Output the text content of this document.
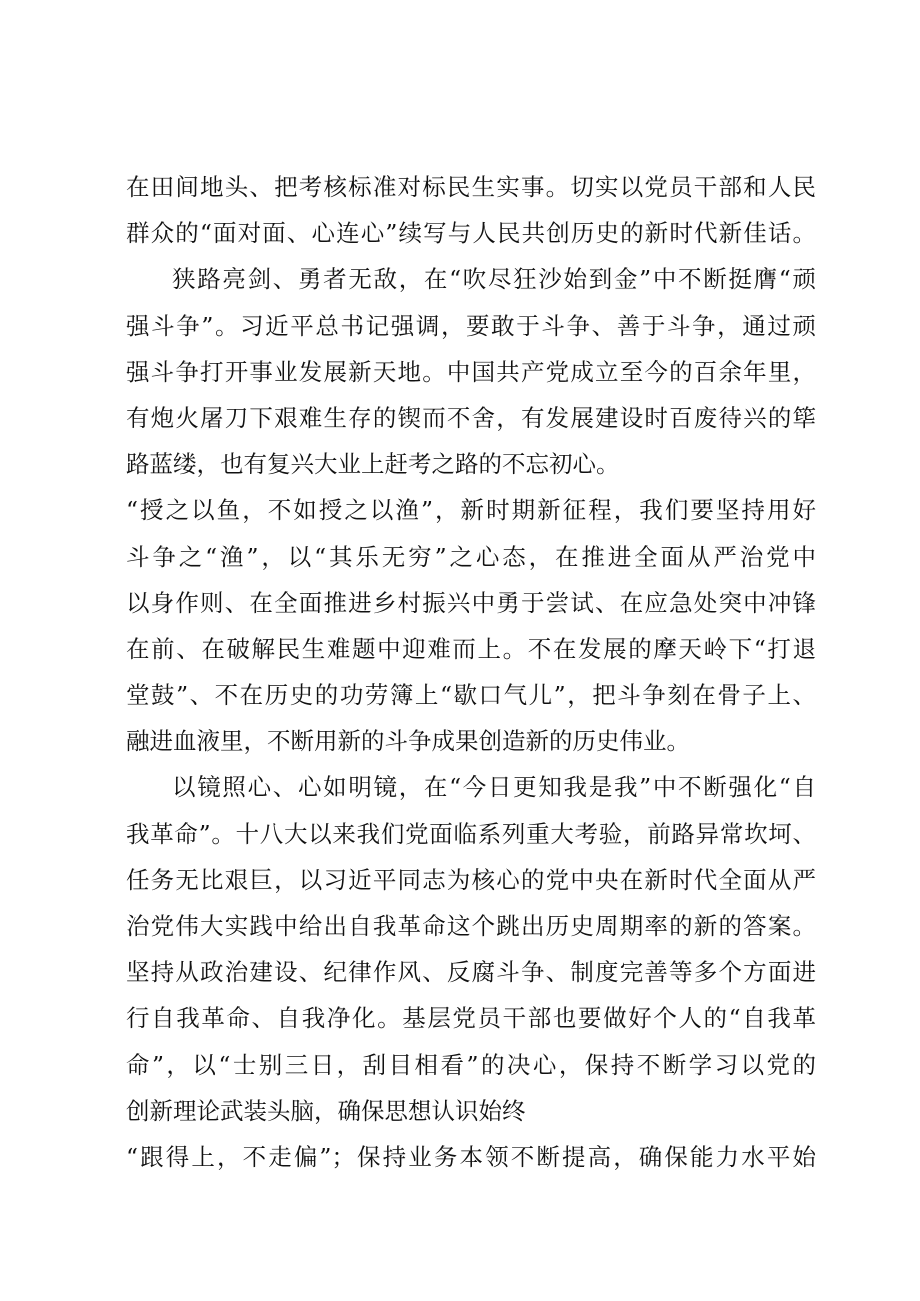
在田间地头、把考核标准对标民生实事。切实以党员干部和人民
群众的“面对面、心连心”续写与人民共创历史的新时代新佳话。
狭路亮剑、勇者无敌，在“吹尽狂沙始到金”中不断挺膺“顽
强斗争”。习近平总书记强调，要敢于斗争、善于斗争，通过顽
强斗争打开事业发展新天地。中国共产党成立至今的百余年里，
有炮火屠刀下艰难生存的锲而不舍，有发展建设时百废待兴的筚
路蓝缕，也有复兴大业上赶考之路的不忘初心。
“授之以鱼，不如授之以渔”，新时期新征程，我们要坚持用好
斗争之“渔”，以“其乐无穷”之心态，在推进全面从严治党中
以身作则、在全面推进乡村振兴中勇于尝试、在应急处突中冲锋
在前、在破解民生难题中迎难而上。不在发展的摩天岭下“打退
堂鼓”、不在历史的功劳簿上“歇口气儿”，把斗争刻在骨子上、
融进血液里，不断用新的斗争成果创造新的历史伟业。
以镜照心、心如明镜，在“今日更知我是我”中不断强化“自
我革命”。十八大以来我们党面临系列重大考验，前路异常坎坷、
任务无比艰巨，以习近平同志为核心的党中央在新时代全面从严
治党伟大实践中给出自我革命这个跳出历史周期率的新的答案。
坚持从政治建设、纪律作风、反腐斗争、制度完善等多个方面进
行自我革命、自我净化。基层党员干部也要做好个人的“自我革
命”，以“士别三日，刮目相看”的决心，保持不断学习以党的
创新理论武装头脑，确保思想认识始终
“跟得上，不走偏”；保持业务本领不断提高，确保能力水平始
